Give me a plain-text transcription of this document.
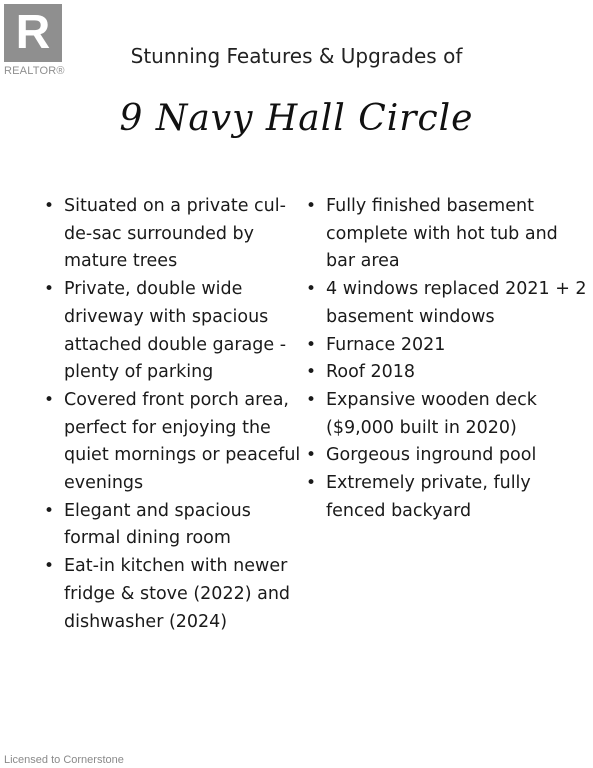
R
REALTOR®
Stunning Features & Upgrades of
9 Navy Hall Circle
• Situated on a private cul-de-sac surrounded by mature trees
• Private, double wide driveway with spacious attached double garage - plenty of parking
• Covered front porch area, perfect for enjoying the quiet mornings or peaceful evenings
• Elegant and spacious formal dining room
• Eat-in kitchen with newer fridge & stove (2022) and dishwasher (2024)
• Fully finished basement complete with hot tub and bar area
• 4 windows replaced 2021 + 2 basement windows
• Furnace 2021
• Roof 2018
• Expansive wooden deck ($9,000 built in 2020)
• Gorgeous inground pool
• Extremely private, fully fenced backyard
Licensed to Cornerstone
